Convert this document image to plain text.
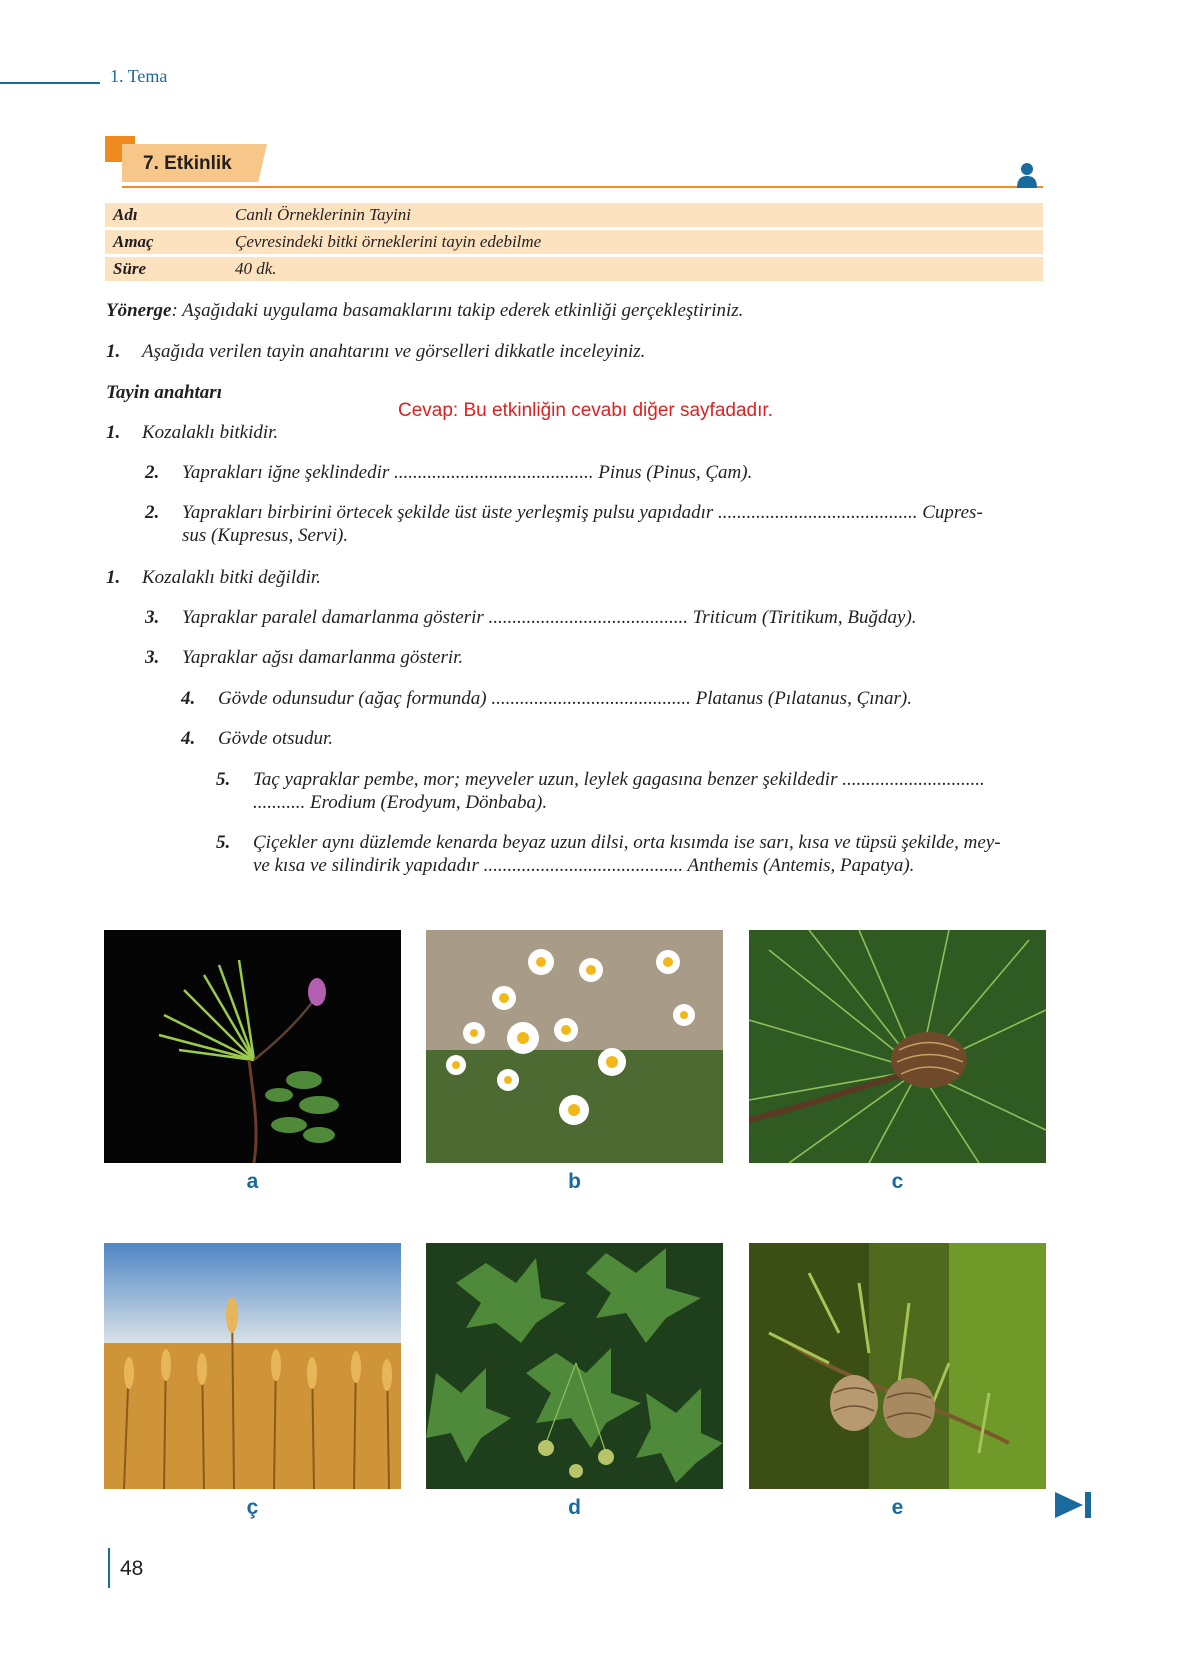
1. Tema
7. Etkinlik
Adı	Canlı Örneklerinin Tayini
Amaç	Çevresindeki bitki örneklerini tayin edebilme
Süre	40 dk.
Yönerge: Aşağıdaki uygulama basamaklarını takip ederek etkinliği gerçekleştiriniz.
1. Aşağıda verilen tayin anahtarını ve görselleri dikkatle inceleyiniz.
Tayin anahtarı
Cevap: Bu etkinliğin cevabı diğer sayfadadır.
1. Kozalaklı bitkidir.
2. Yaprakları iğne şeklindedir .......................................... Pinus (Pinus, Çam).
2. Yaprakları birbirini örtecek şekilde üst üste yerleşmiş pulsu yapıdadır .......................................... Cupres-
sus (Kupresus, Servi).
1. Kozalaklı bitki değildir.
3. Yapraklar paralel damarlanma gösterir .......................................... Triticum (Tiritikum, Buğday).
3. Yapraklar ağsı damarlanma gösterir.
4. Gövde odunsudur (ağaç formunda) .......................................... Platanus (Pılatanus, Çınar).
4. Gövde otsudur.
5. Taç yapraklar pembe, mor; meyveler uzun, leylek gagasına benzer şekildedir ..............................
........... Erodium (Erodyum, Dönbaba).
5. Çiçekler aynı düzlemde kenarda beyaz uzun dilsi, orta kısımda ise sarı, kısa ve tüpsü şekilde, mey-
ve kısa ve silindirik yapıdadır .......................................... Anthemis (Antemis, Papatya).
a	b	c
ç	d	e
48
